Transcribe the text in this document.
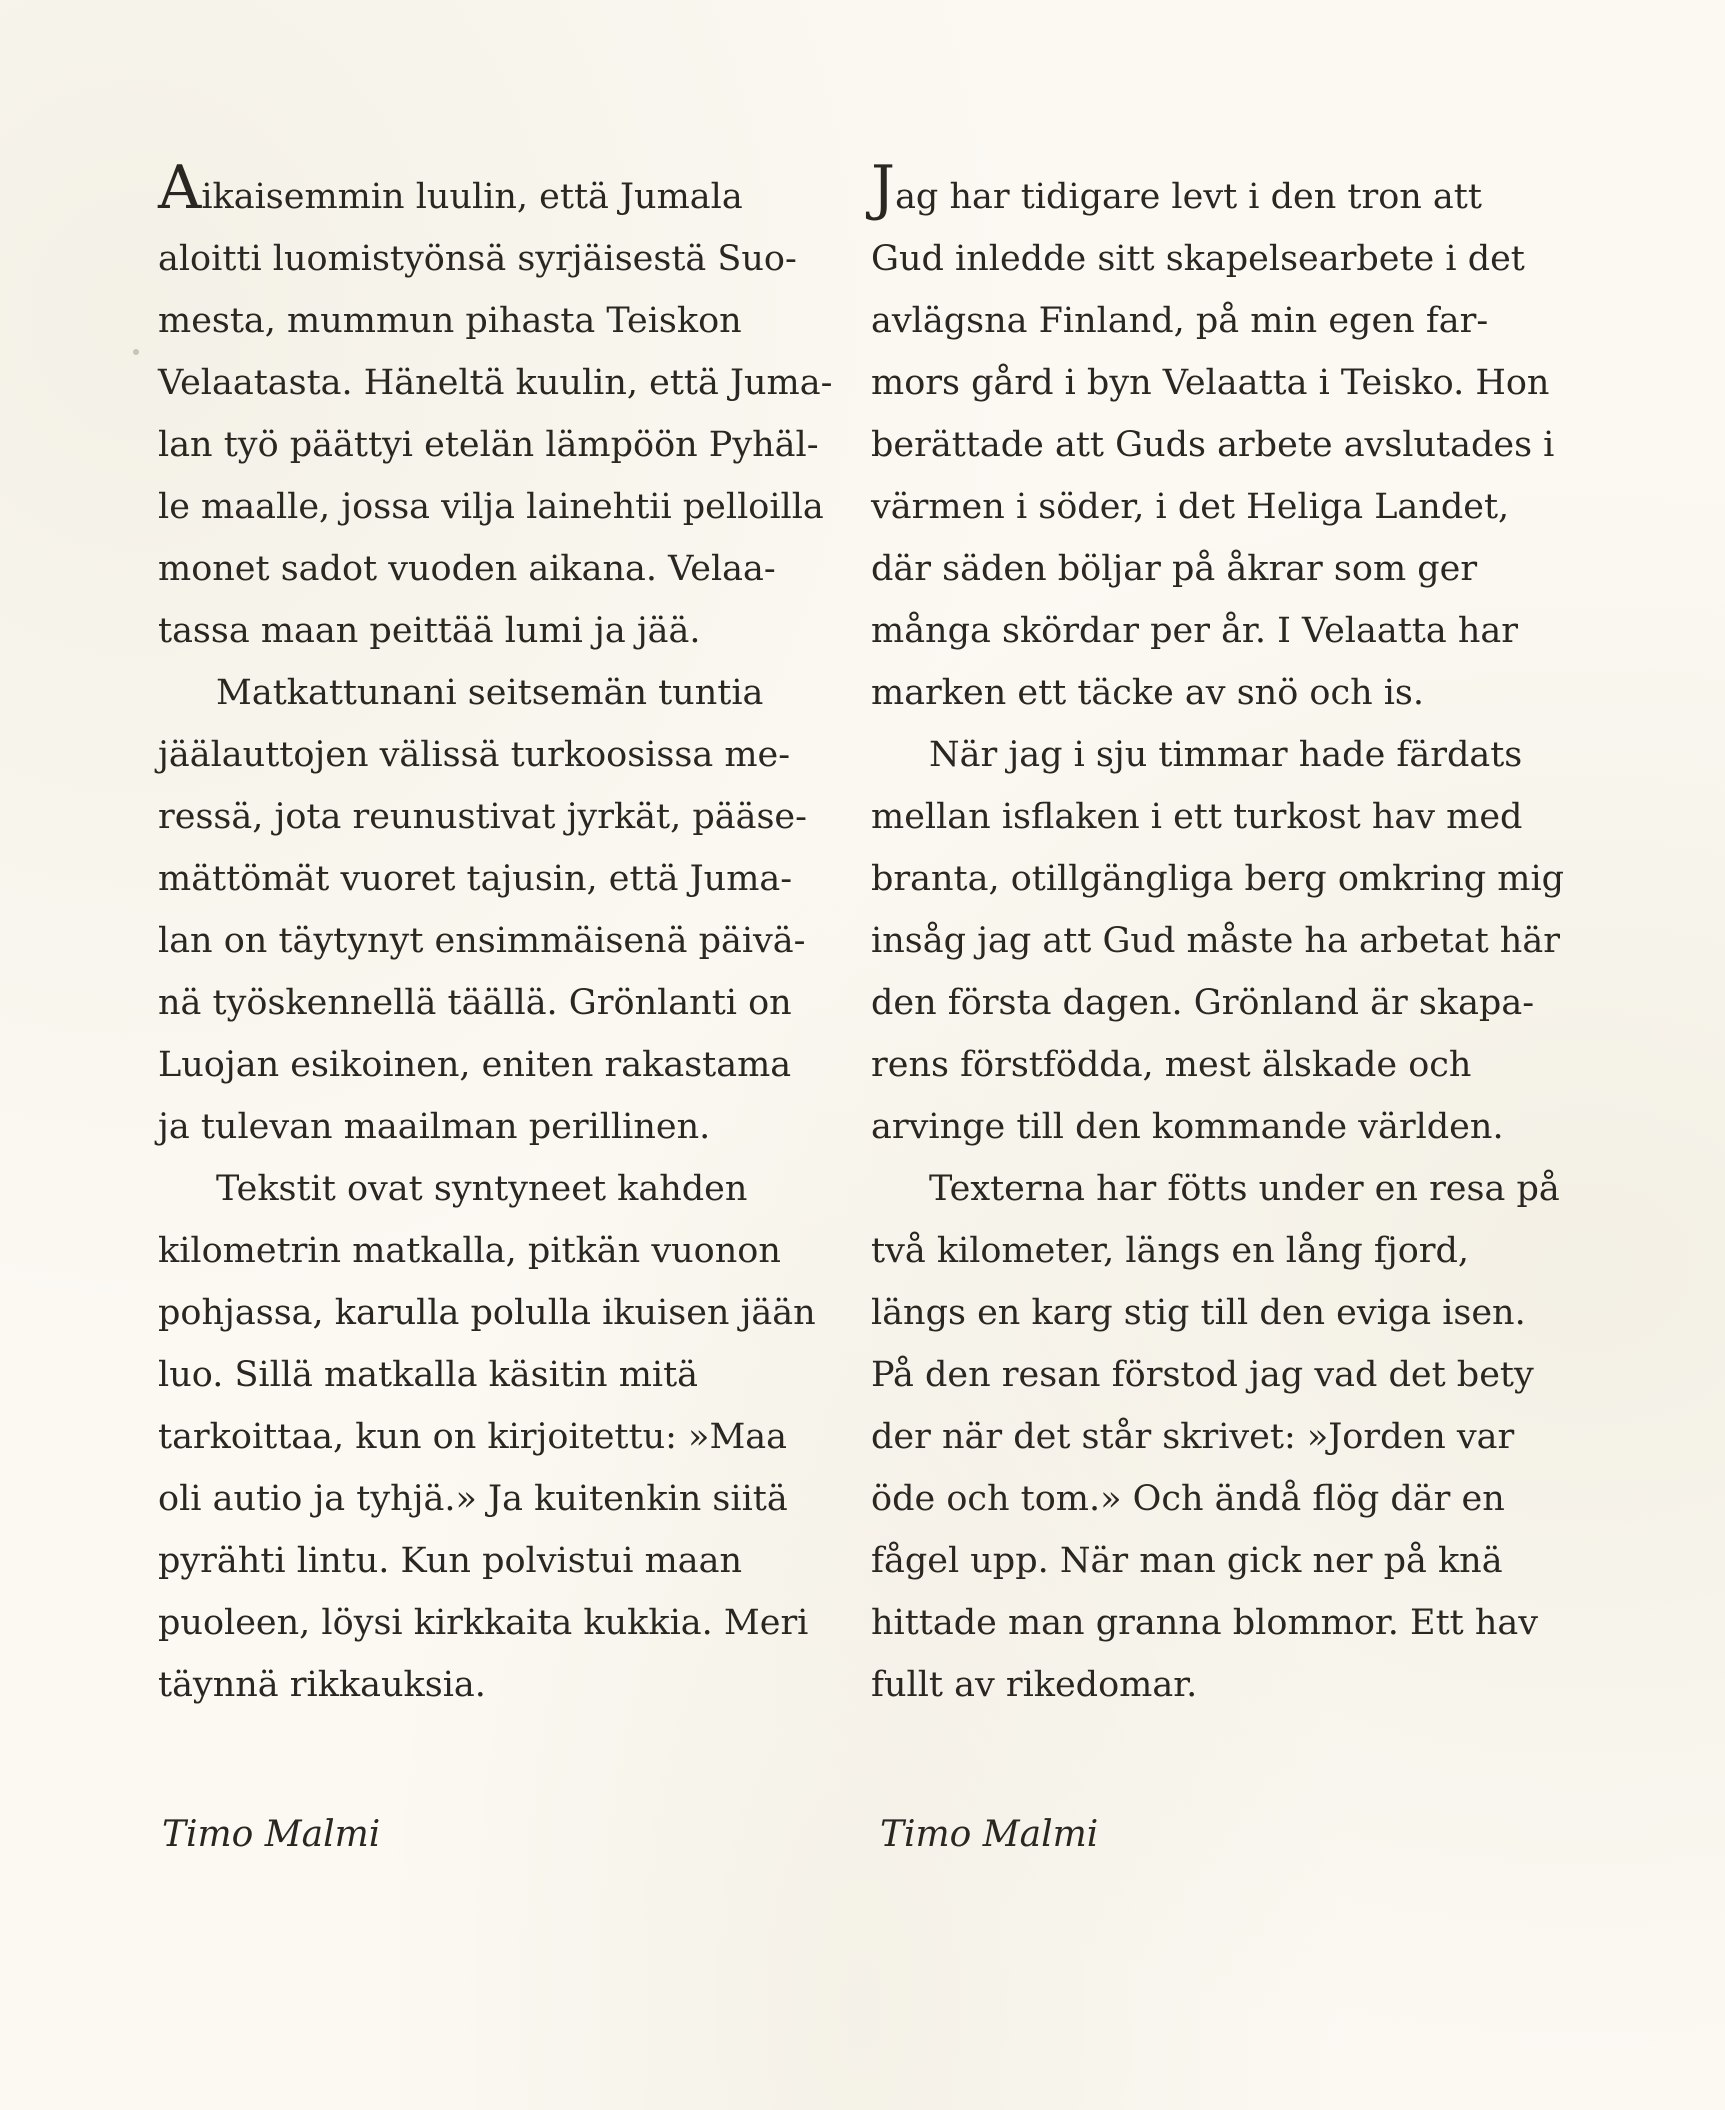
Aikaisemmin luulin, että Jumala
aloitti luomistyönsä syrjäisestä Suo-
mesta, mummun pihasta Teiskon
Velaatasta. Häneltä kuulin, että Juma-
lan työ päättyi etelän lämpöön Pyhäl-
le maalle, jossa vilja lainehtii pelloilla
monet sadot vuoden aikana. Velaa-
tassa maan peittää lumi ja jää.

Matkattunani seitsemän tuntia
jäälauttojen välissä turkoosissa me-
ressä, jota reunustivat jyrkät, pääse-
mättömät vuoret tajusin, että Juma-
lan on täytynyt ensimmäisenä päivä-
nä työskennellä täällä. Grönlanti on
Luojan esikoinen, eniten rakastama
ja tulevan maailman perillinen.

Tekstit ovat syntyneet kahden
kilometrin matkalla, pitkän vuonon
pohjassa, karulla polulla ikuisen jään
luo. Sillä matkalla käsitin mitä
tarkoittaa, kun on kirjoitettu: »Maa
oli autio ja tyhjä.» Ja kuitenkin siitä
pyrähti lintu. Kun polvistui maan
puoleen, löysi kirkkaita kukkia. Meri
täynnä rikkauksia.

Jag har tidigare levt i den tron att
Gud inledde sitt skapelsearbete i det
avlägsna Finland, på min egen far-
mors gård i byn Velaatta i Teisko. Hon
berättade att Guds arbete avslutades i
värmen i söder, i det Heliga Landet,
där säden böljar på åkrar som ger
många skördar per år. I Velaatta har
marken ett täcke av snö och is.

När jag i sju timmar hade färdats
mellan isflaken i ett turkost hav med
branta, otillgängliga berg omkring mig
insåg jag att Gud måste ha arbetat här
den första dagen. Grönland är skapa-
rens förstfödda, mest älskade och
arvinge till den kommande världen.

Texterna har fötts under en resa på
två kilometer, längs en lång fjord,
längs en karg stig till den eviga isen.
På den resan förstod jag vad det bety
der när det står skrivet: »Jorden var
öde och tom.» Och ändå flög där en
fågel upp. När man gick ner på knä
hittade man granna blommor. Ett hav
fullt av rikedomar.

Timo Malmi	Timo Malmi
